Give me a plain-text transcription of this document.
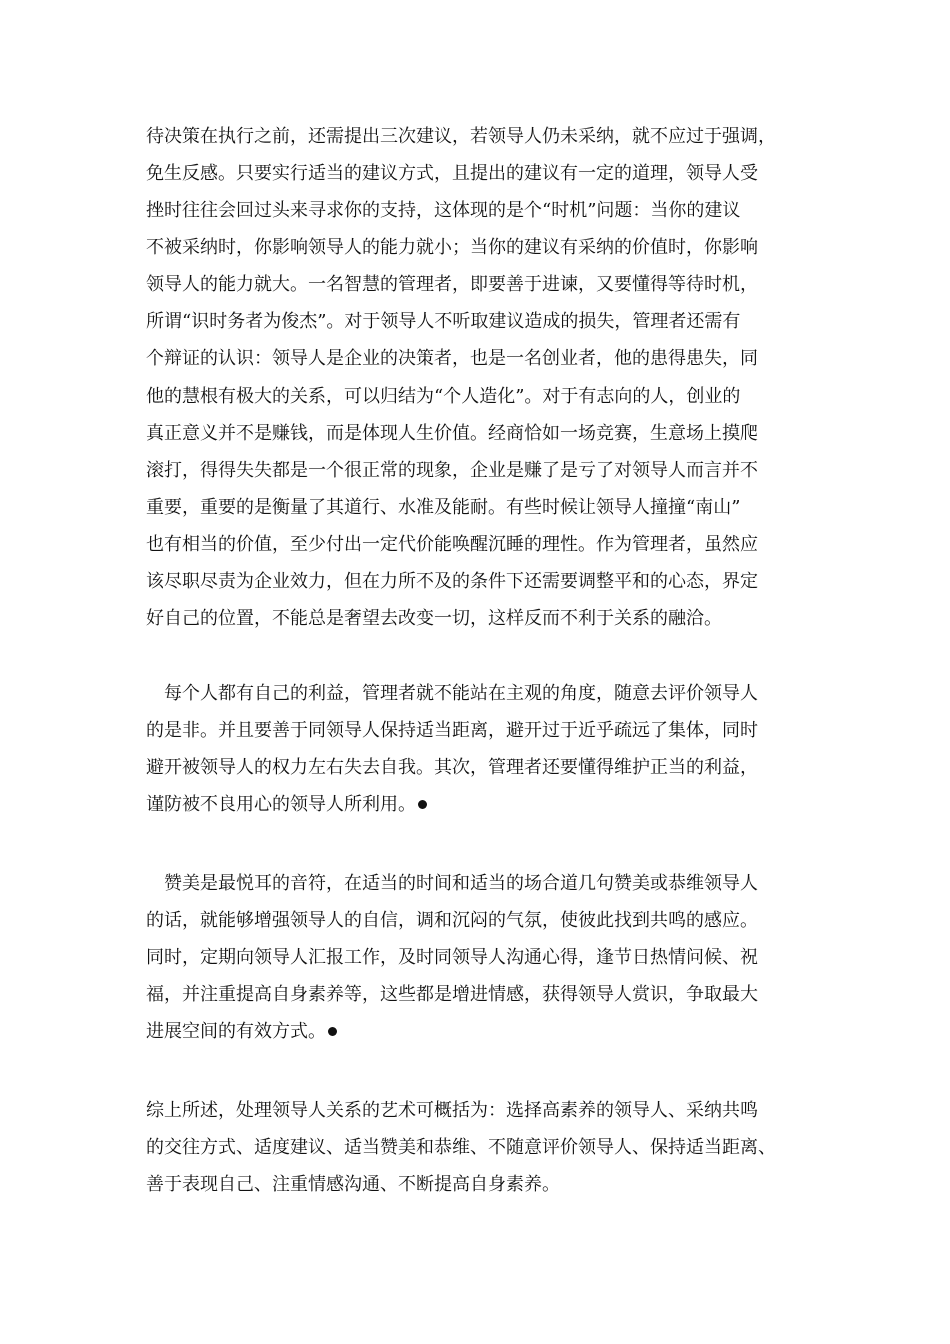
待决策在执行之前，还需提出三次建议，若领导人仍未采纳，就不应过于强调，
免生反感。只要实行适当的建议方式，且提出的建议有一定的道理，领导人受
挫时往往会回过头来寻求你的支持，这体现的是个“时机”问题：当你的建议
不被采纳时，你影响领导人的能力就小；当你的建议有采纳的价值时，你影响
领导人的能力就大。一名智慧的管理者，即要善于进谏，又要懂得等待时机，
所谓“识时务者为俊杰”。对于领导人不听取建议造成的损失，管理者还需有
个辩证的认识：领导人是企业的决策者，也是一名创业者，他的患得患失，同
他的慧根有极大的关系，可以归结为“个人造化”。对于有志向的人，创业的
真正意义并不是赚钱，而是体现人生价值。经商恰如一场竞赛，生意场上摸爬
滚打，得得失失都是一个很正常的现象，企业是赚了是亏了对领导人而言并不
重要，重要的是衡量了其道行、水准及能耐。有些时候让领导人撞撞“南山”
也有相当的价值，至少付出一定代价能唤醒沉睡的理性。作为管理者，虽然应
该尽职尽责为企业效力，但在力所不及的条件下还需要调整平和的心态，界定
好自己的位置，不能总是奢望去改变一切，这样反而不利于关系的融洽。
每个人都有自己的利益，管理者就不能站在主观的角度，随意去评价领导人
的是非。并且要善于同领导人保持适当距离，避开过于近乎疏远了集体，同时
避开被领导人的权力左右失去自我。其次，管理者还要懂得维护正当的利益，
谨防被不良用心的领导人所利用。
赞美是最悦耳的音符，在适当的时间和适当的场合道几句赞美或恭维领导人
的话，就能够增强领导人的自信，调和沉闷的气氛，使彼此找到共鸣的感应。
同时，定期向领导人汇报工作，及时同领导人沟通心得，逢节日热情问候、祝
福，并注重提高自身素养等，这些都是增进情感，获得领导人赏识，争取最大
进展空间的有效方式。
综上所述，处理领导人关系的艺术可概括为：选择高素养的领导人、采纳共鸣
的交往方式、适度建议、适当赞美和恭维、不随意评价领导人、保持适当距离、
善于表现自己、注重情感沟通、不断提高自身素养。
